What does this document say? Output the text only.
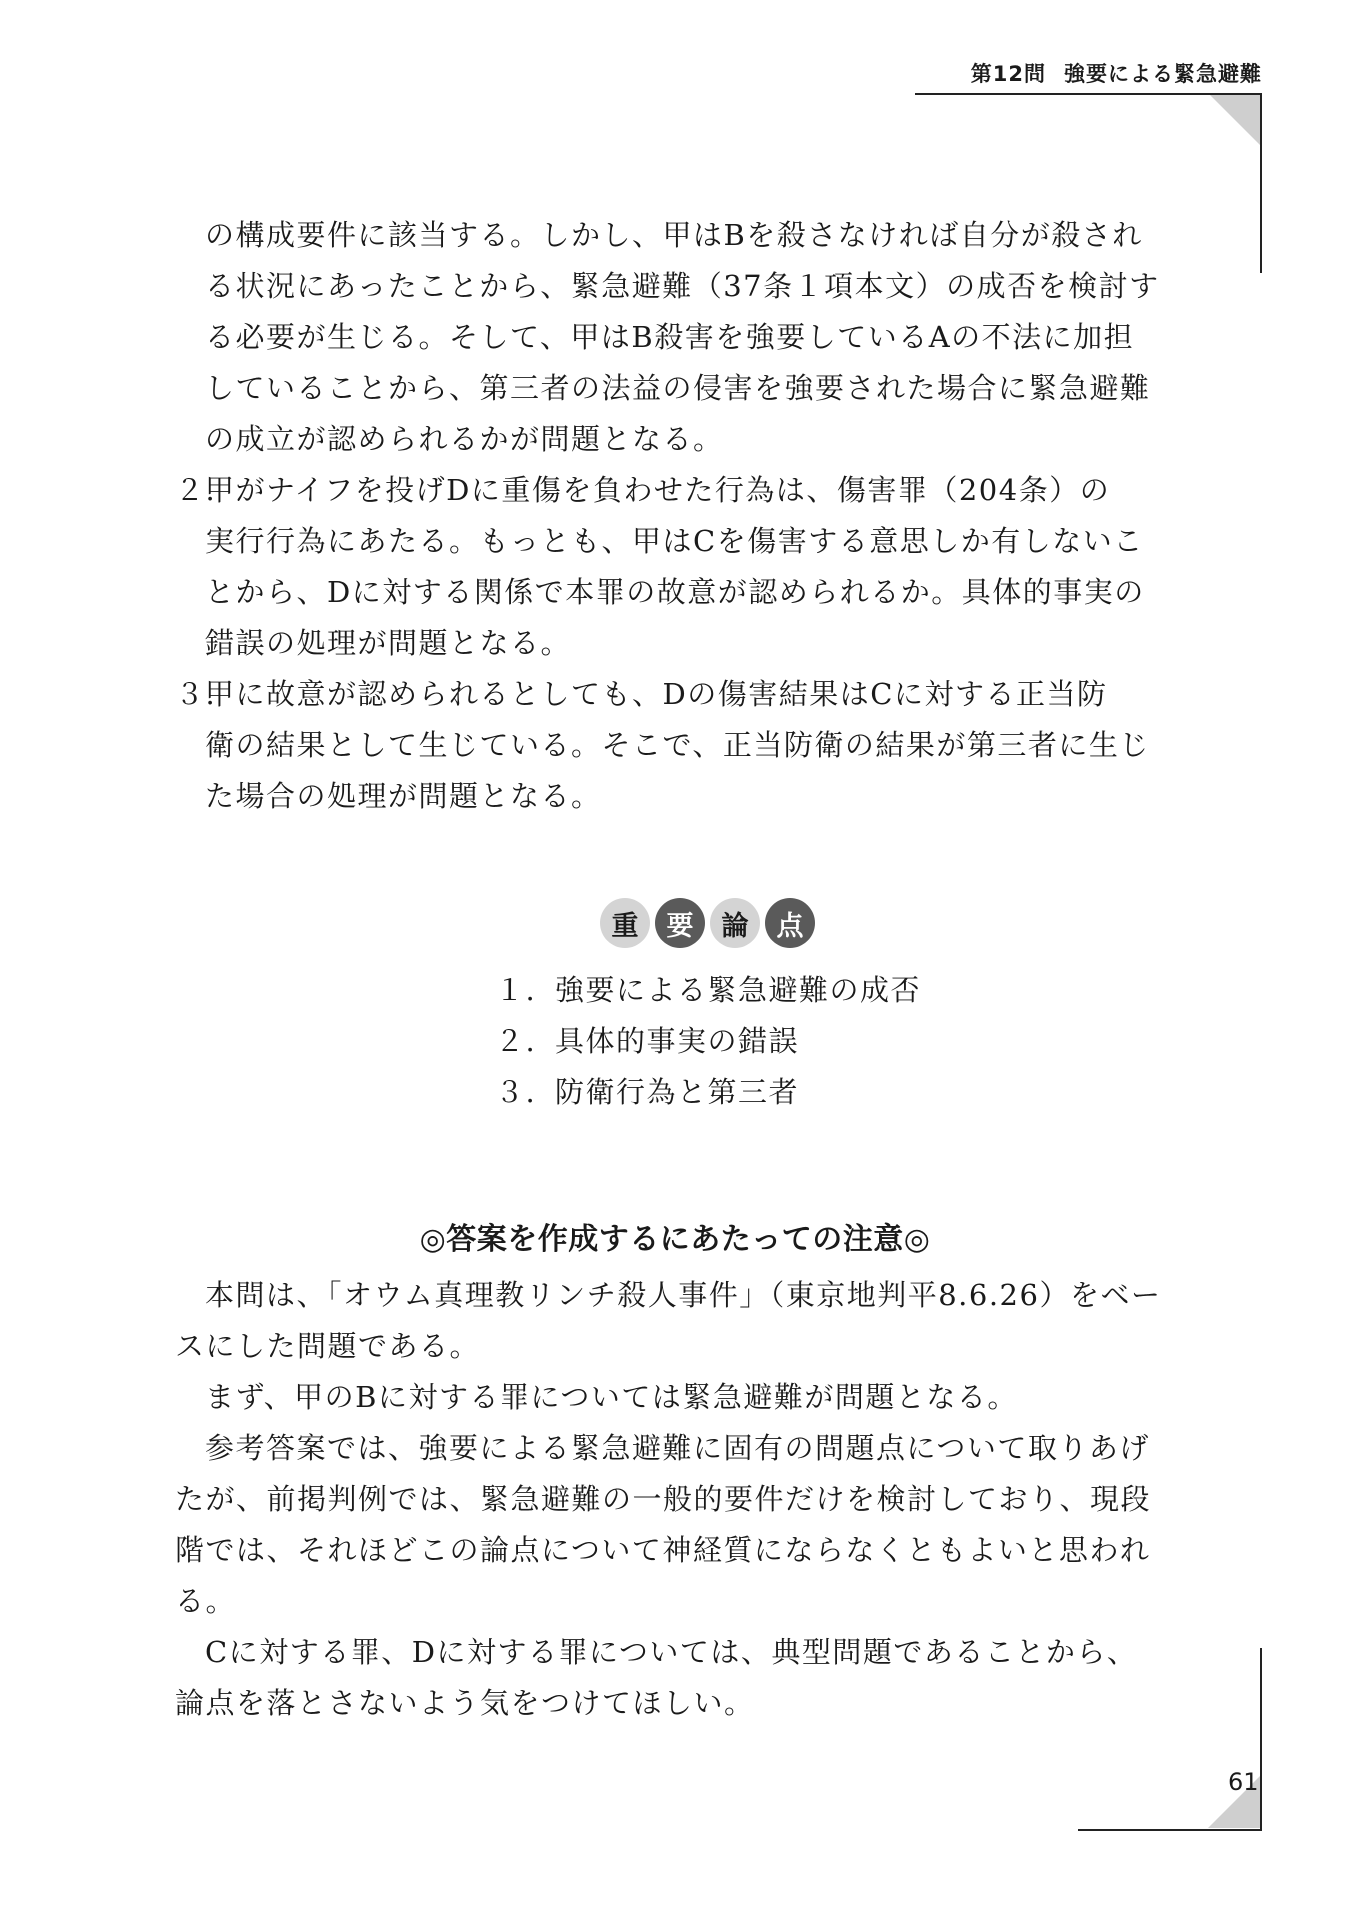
第12問 強要による緊急避難
の構成要件に該当する。しかし、甲はBを殺さなければ自分が殺され
る状況にあったことから、緊急避難（37条１項本文）の成否を検討す
る必要が生じる。そして、甲はB殺害を強要しているAの不法に加担
していることから、第三者の法益の侵害を強要された場合に緊急避難
の成立が認められるかが問題となる。
２.甲がナイフを投げDに重傷を負わせた行為は、傷害罪（204条）の
実行行為にあたる。もっとも、甲はCを傷害する意思しか有しないこ
とから、Dに対する関係で本罪の故意が認められるか。具体的事実の
錯誤の処理が問題となる。
３.甲に故意が認められるとしても、Dの傷害結果はCに対する正当防
衛の結果として生じている。そこで、正当防衛の結果が第三者に生じ
た場合の処理が問題となる。
重	要	論	点
１. 強要による緊急避難の成否
２. 具体的事実の錯誤
３. 防衛行為と第三者
◎答案を作成するにあたっての注意◎
本問は、「オウム真理教リンチ殺人事件」（東京地判平8.6.26）をベー
スにした問題である。
まず、甲のBに対する罪については緊急避難が問題となる。
参考答案では、強要による緊急避難に固有の問題点について取りあげ
たが、前掲判例では、緊急避難の一般的要件だけを検討しており、現段
階では、それほどこの論点について神経質にならなくともよいと思われ
る。
Cに対する罪、Dに対する罪については、典型問題であることから、
論点を落とさないよう気をつけてほしい。
61
